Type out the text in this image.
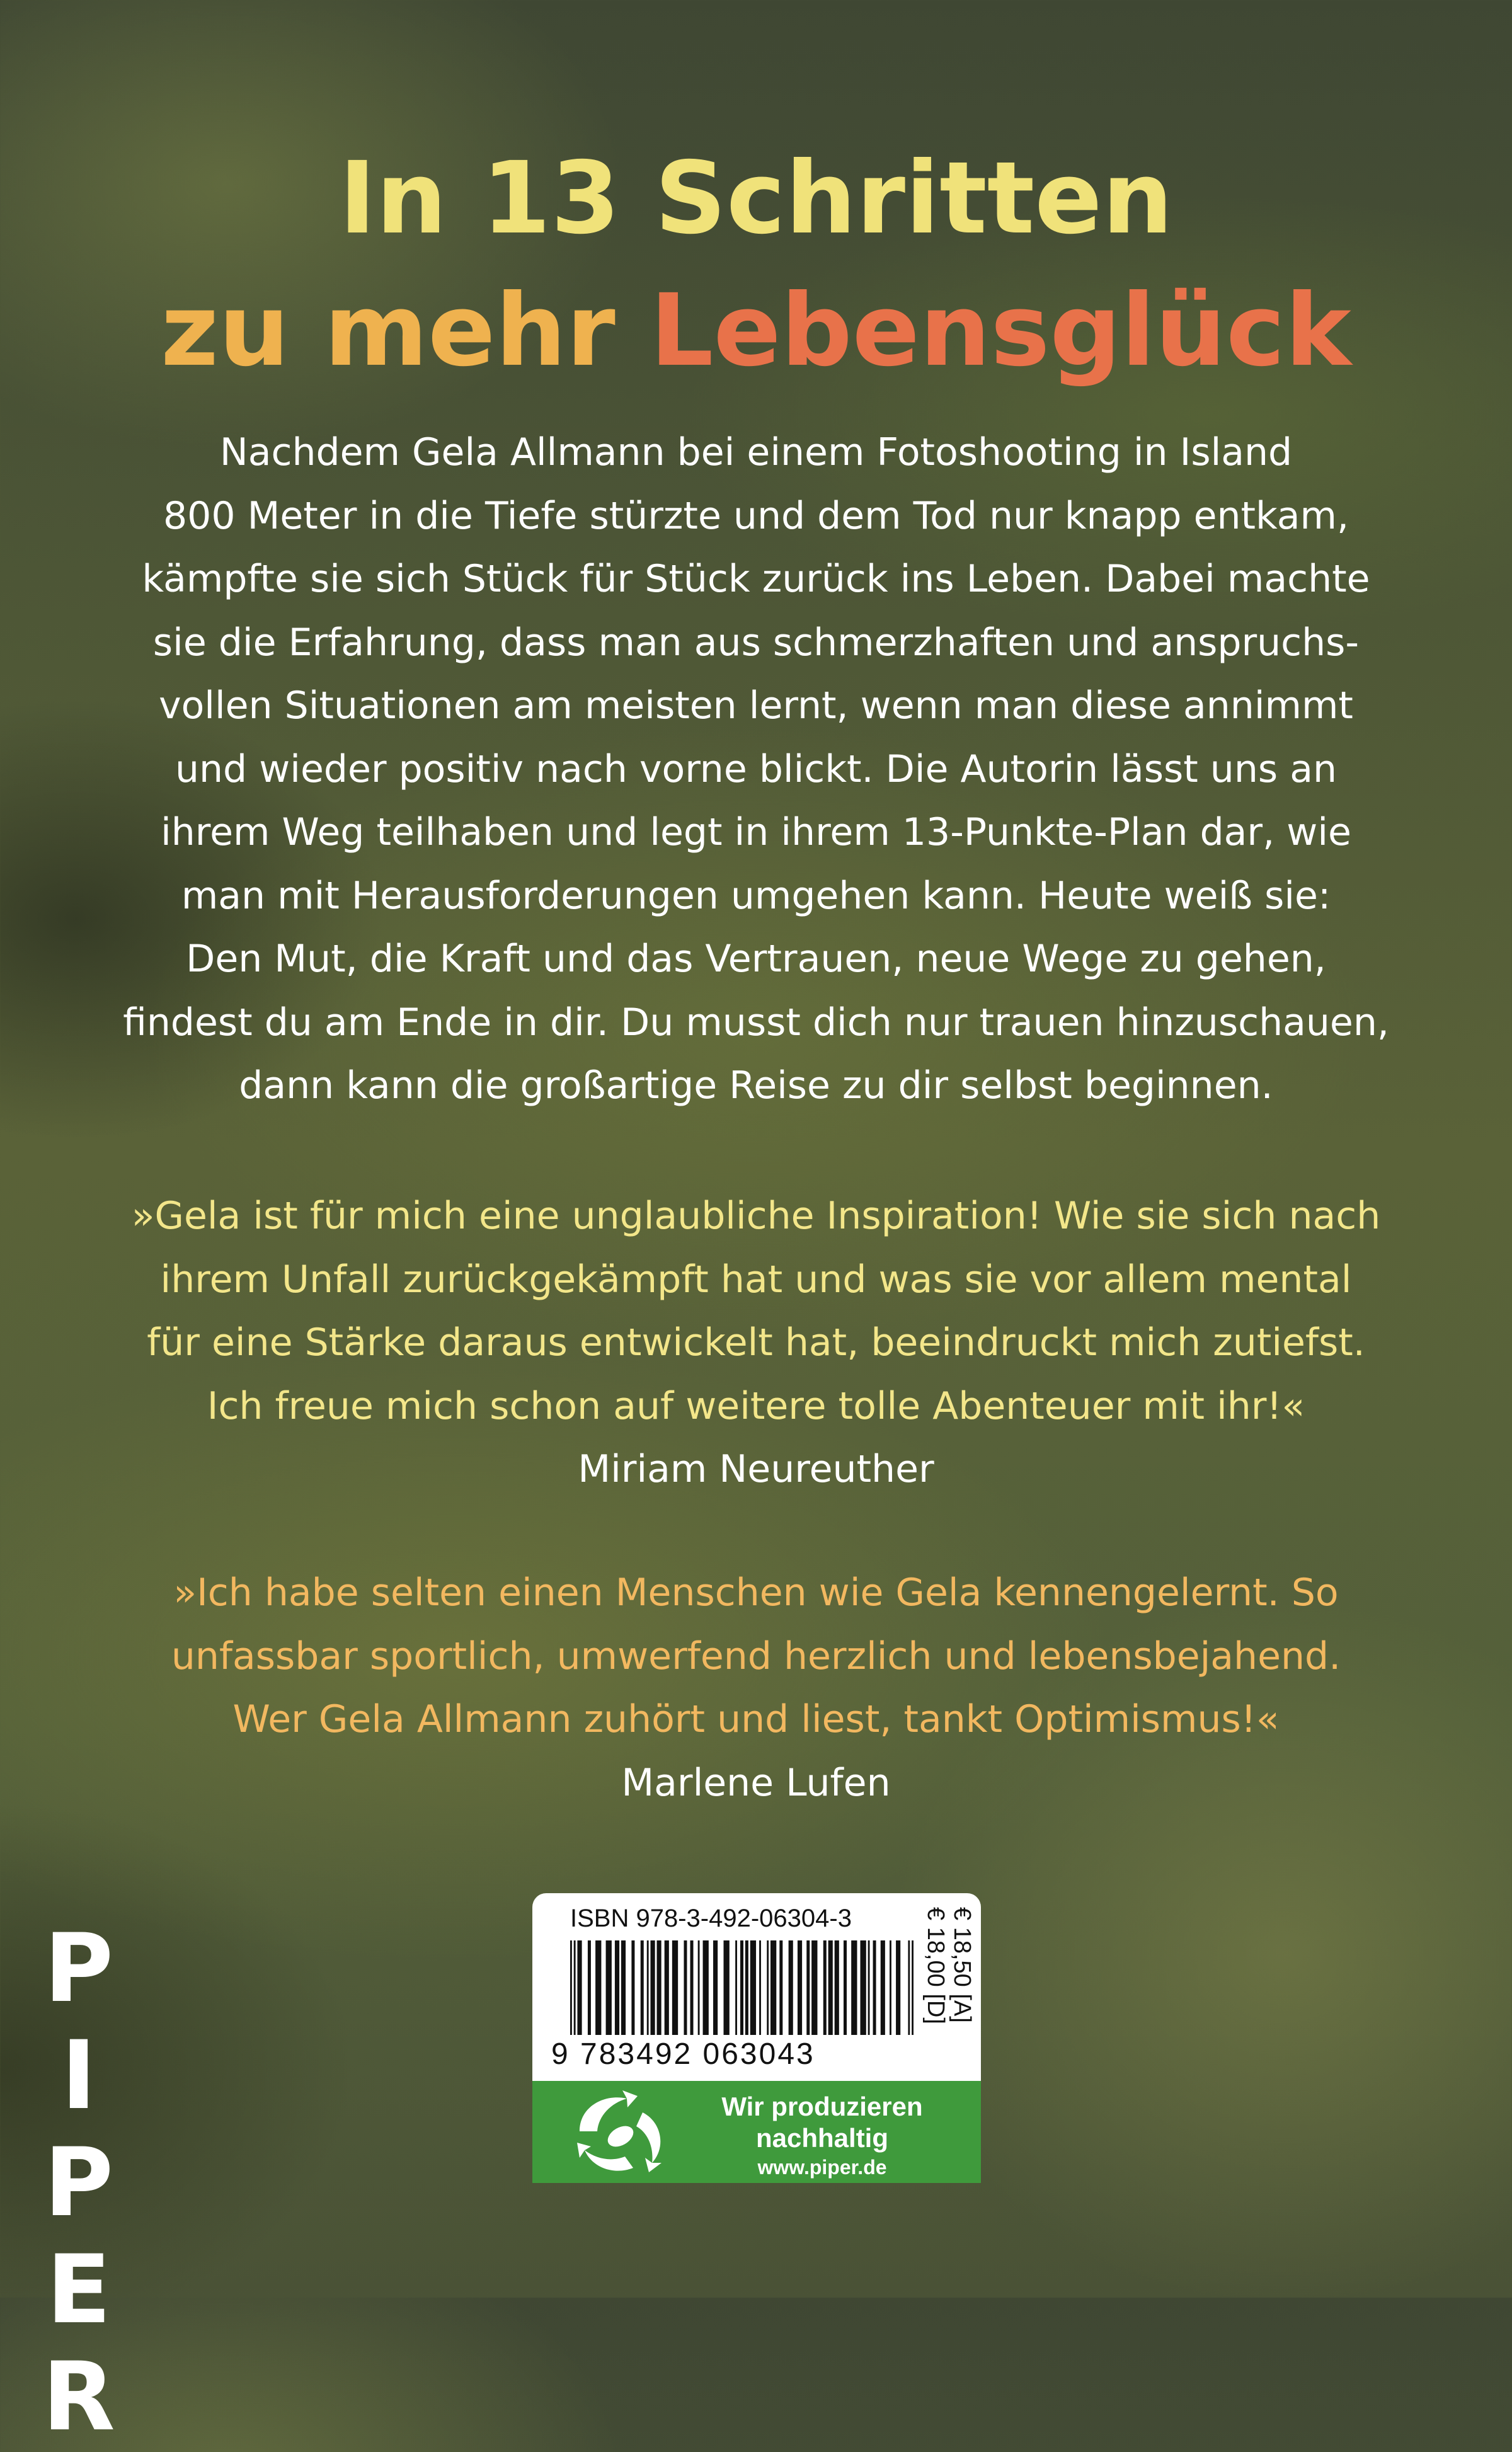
In 13 Schritten
zu mehr Lebensglück
Nachdem Gela Allmann bei einem Fotoshooting in Island
800 Meter in die Tiefe stürzte und dem Tod nur knapp entkam,
kämpfte sie sich Stück für Stück zurück ins Leben. Dabei machte
sie die Erfahrung, dass man aus schmerzhaften und anspruchs-
vollen Situationen am meisten lernt, wenn man diese annimmt
und wieder positiv nach vorne blickt. Die Autorin lässt uns an
ihrem Weg teilhaben und legt in ihrem 13-Punkte-Plan dar, wie
man mit Herausforderungen umgehen kann. Heute weiß sie:
Den Mut, die Kraft und das Vertrauen, neue Wege zu gehen,
findest du am Ende in dir. Du musst dich nur trauen hinzuschauen,
dann kann die großartige Reise zu dir selbst beginnen.
»Gela ist für mich eine unglaubliche Inspiration! Wie sie sich nach
ihrem Unfall zurückgekämpft hat und was sie vor allem mental
für eine Stärke daraus entwickelt hat, beeindruckt mich zutiefst.
Ich freue mich schon auf weitere tolle Abenteuer mit ihr!«
Miriam Neureuther
»Ich habe selten einen Menschen wie Gela kennengelernt. So
unfassbar sportlich, umwerfend herzlich und lebensbejahend.
Wer Gela Allmann zuhört und liest, tankt Optimismus!«
Marlene Lufen
P
I
P
E
R
ISBN 978-3-492-06304-3
9 783492 063043
€ 18,00 [D] € 18,50 [A]
Wir produzieren
nachhaltig
www.piper.de
